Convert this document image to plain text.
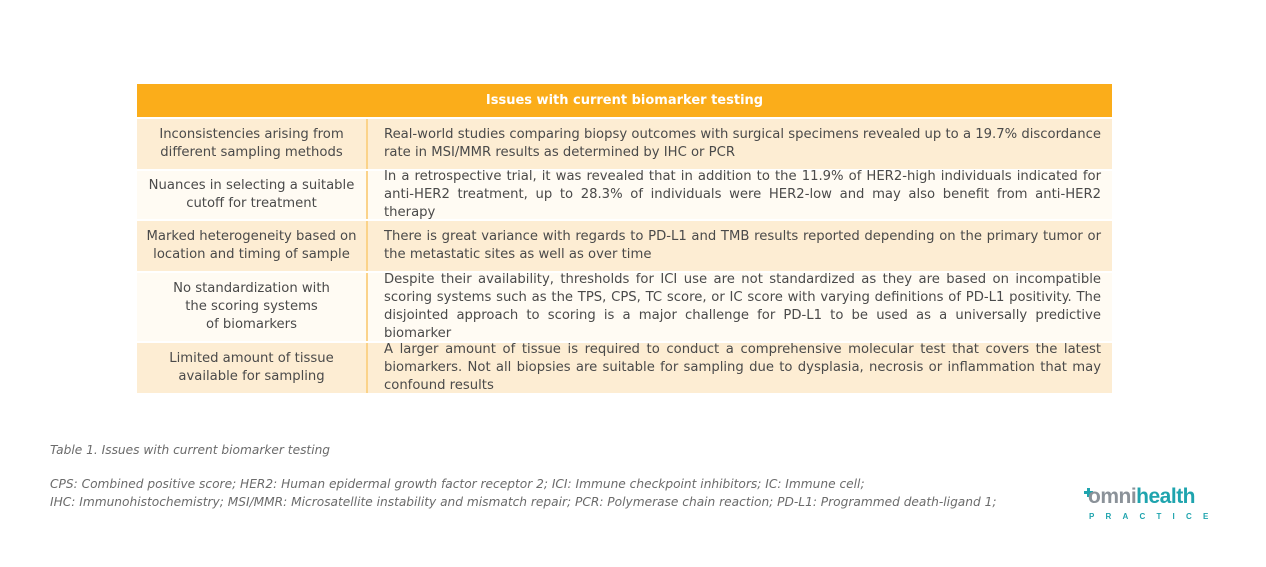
Issues with current biomarker testing
Inconsistencies arising from
different sampling methods
Real-world studies comparing biopsy outcomes with surgical specimens revealed up to a 19.7% discordance rate in MSI/MMR results as determined by IHC or PCR
Nuances in selecting a suitable
cutoff for treatment
In a retrospective trial, it was revealed that in addition to the 11.9% of HER2-high individuals indicated for anti-HER2 treatment, up to 28.3% of individuals were HER2-low and may also benefit from anti-HER2 therapy
Marked heterogeneity based on
location and timing of sample
There is great variance with regards to PD-L1 and TMB results reported depending on the primary tumor or the metastatic sites as well as over time
No standardization with
the scoring systems
of biomarkers
Despite their availability, thresholds for ICI use are not standardized as they are based on incompatible scoring systems such as the TPS, CPS, TC score, or IC score with varying definitions of PD-L1 positivity. The disjointed approach to scoring is a major challenge for PD-L1 to be used as a universally predictive biomarker
Limited amount of tissue
available for sampling
A larger amount of tissue is required to conduct a comprehensive molecular test that covers the latest biomarkers. Not all biopsies are suitable for sampling due to dysplasia, necrosis or inflammation that may confound results
Table 1. Issues with current biomarker testing
CPS: Combined positive score; HER2: Human epidermal growth factor receptor 2; ICI: Immune checkpoint inhibitors; IC: Immune cell;
IHC: Immunohistochemistry; MSI/MMR: Microsatellite instability and mismatch repair; PCR: Polymerase chain reaction; PD-L1: Programmed death-ligand 1;	omnihealth
PRACTICE
